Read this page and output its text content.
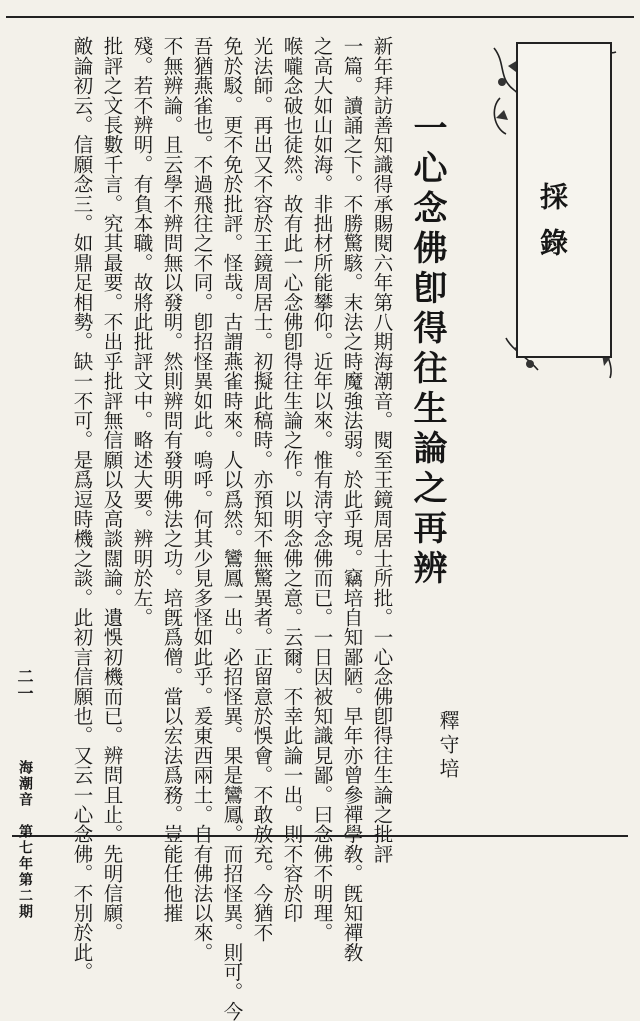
採錄
一心念佛卽得往生論之再辨
釋守培
新年拜訪善知識得承賜閱六年第八期海潮音。閱至王鏡周居士所批。一心念佛卽得往生論之批評
一篇。讀誦之下。不勝驚駭。末法之時魔強法弱。於此乎現。竊培自知鄙陋。早年亦曾參禪學敎。旣知禪敎
之高大如山如海。非拙材所能攀仰。近年以來。惟有淸守念佛而已。一日因被知識見鄙。曰念佛不明理。
喉嚨念破也徒然。故有此一心念佛卽得往生論之作。以明念佛之意。云爾。不幸此論一出。則不容於印
光法師。再出又不容於王鏡周居士。初擬此稿時。亦預知不無驚異者。正留意於悞會。不敢放充。今猶不
免於駁。更不免於批評。怪哉。古謂燕雀時來。人以爲然。鸞鳳一出。必招怪異。果是鸞鳳。而招怪異。則可。今
吾猶燕雀也。不過飛往之不同。卽招怪異如此。嗚呼。何其少見多怪如此乎。爰東西兩土。自有佛法以來。
不無辨論。且云學不辨問無以發明。然則辨問有發明佛法之功。培旣爲僧。當以宏法爲務。豈能任他摧
殘。若不辨明。有負本職。故將此批評文中。略述大要。辨明於左。
批評之文長數千言。究其最要。不出乎批評無信願以及高談闊論。遺悞初機而已。辨問且止。先明信願。
敵論初云。信願念三。如鼎足相勢。缺一不可。是爲逗時機之談。此初言信願也。又云一心念佛。不別於此。
二一
海潮音　第七年第二期
